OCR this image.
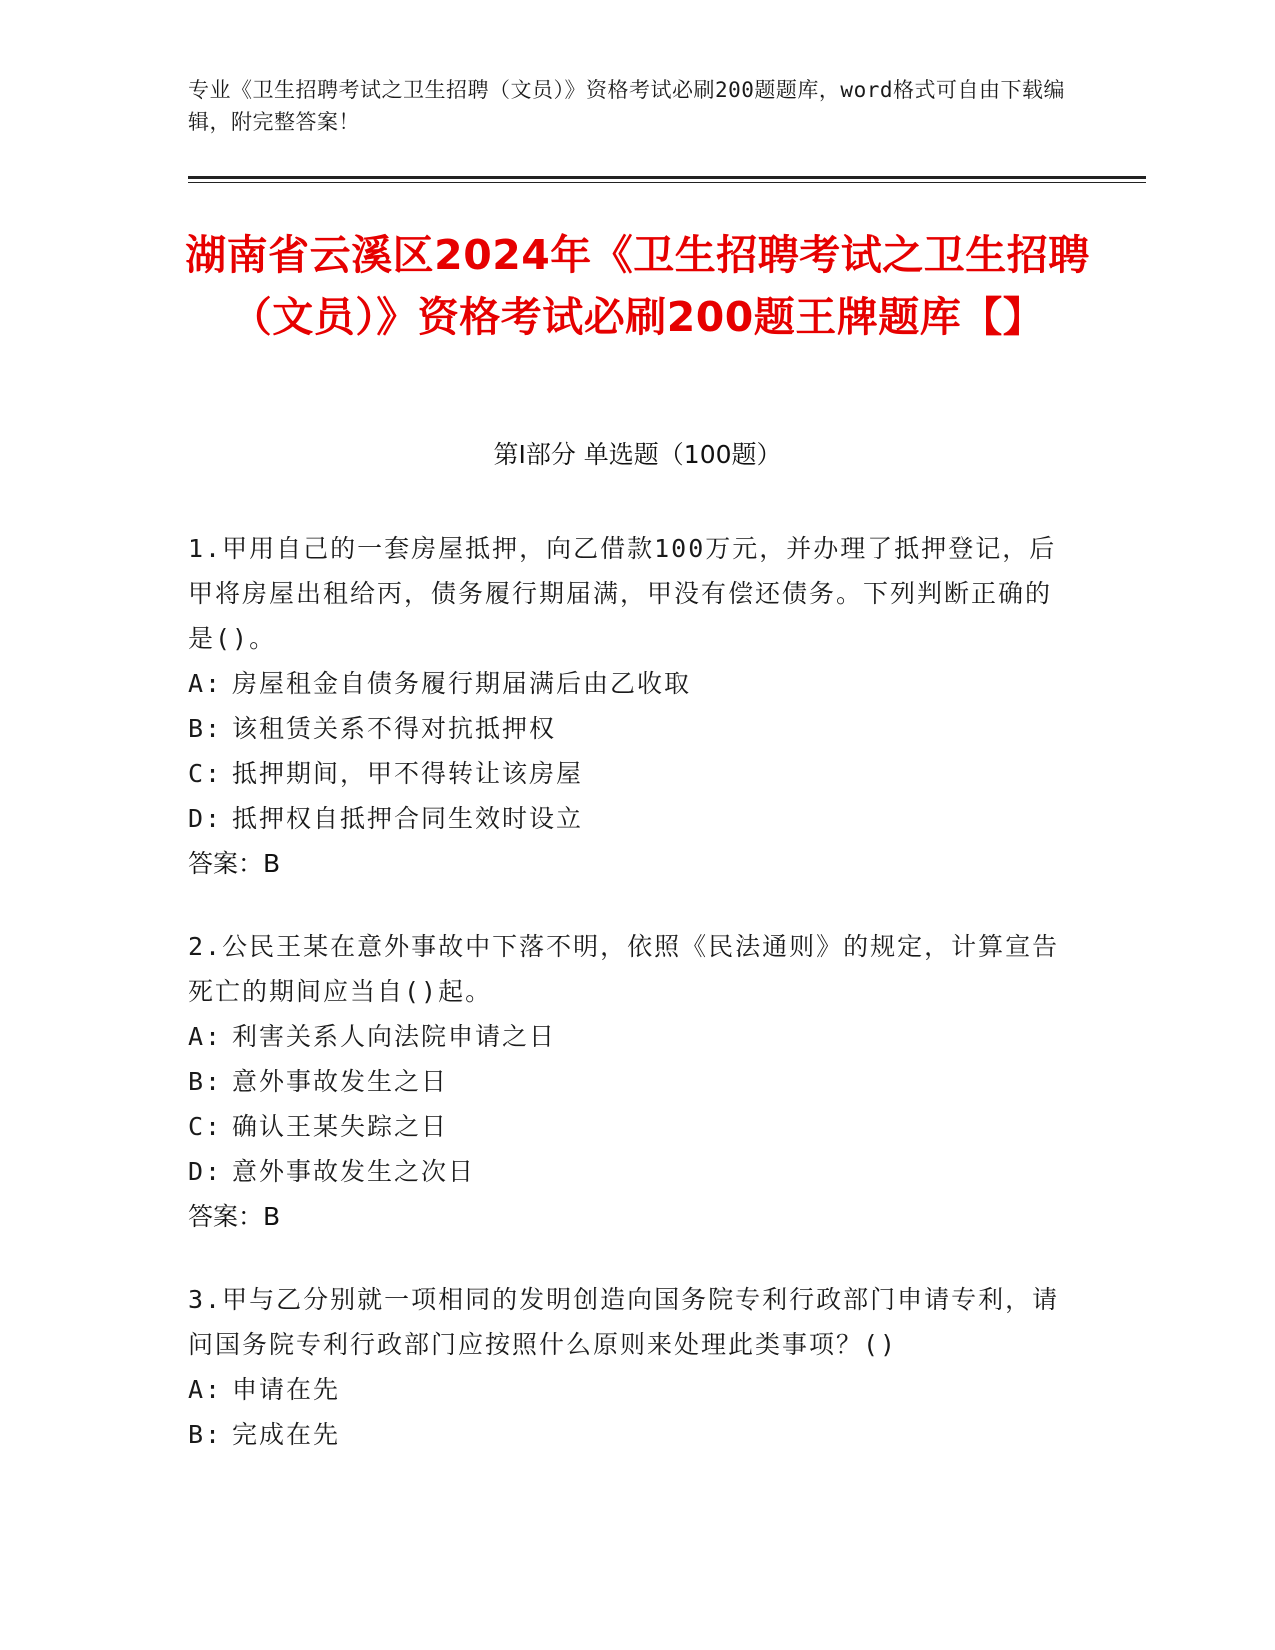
专业《卫生招聘考试之卫生招聘（文员）》资格考试必刷200题题库，word格式可自由下载编辑，附完整答案！
湖南省云溪区2024年《卫生招聘考试之卫生招聘（文员）》资格考试必刷200题王牌题库【】
第I部分 单选题（100题）

1.甲用自己的一套房屋抵押，向乙借款100万元，并办理了抵押登记，后甲将房屋出租给丙，债务履行期届满，甲没有偿还债务。下列判断正确的是()。

A: 房屋租金自债务履行期届满后由乙收取

B: 该租赁关系不得对抗抵押权

C: 抵押期间，甲不得转让该房屋

D: 抵押权自抵押合同生效时设立

答案：B

2.公民王某在意外事故中下落不明，依照《民法通则》的规定，计算宣告死亡的期间应当自()起。

A: 利害关系人向法院申请之日

B: 意外事故发生之日

C: 确认王某失踪之日

D: 意外事故发生之次日

答案：B

3.甲与乙分别就一项相同的发明创造向国务院专利行政部门申请专利，请问国务院专利行政部门应按照什么原则来处理此类事项？()

A: 申请在先

B: 完成在先
